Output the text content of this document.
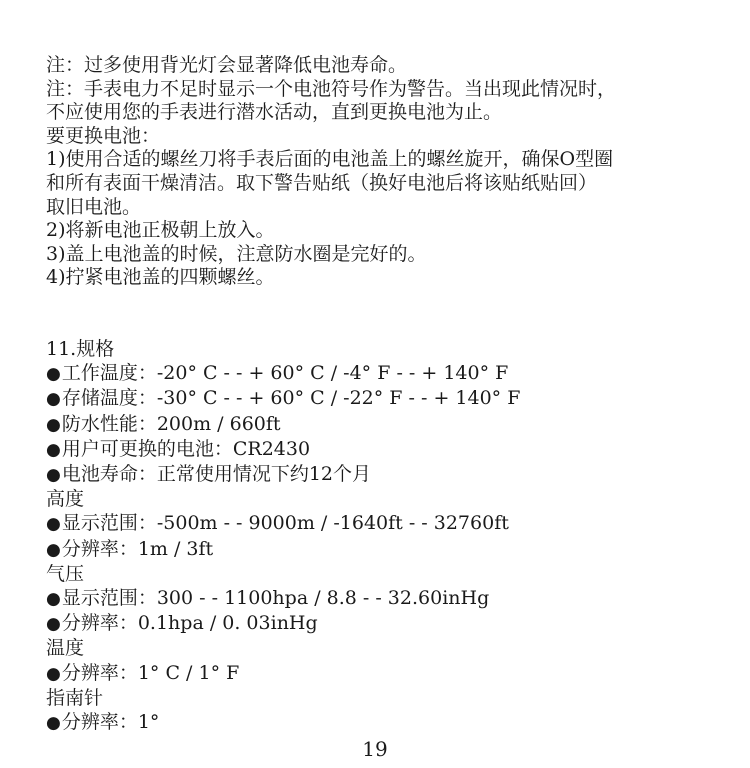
注：过多使用背光灯会显著降低电池寿命。
注：手表电力不足时显示一个电池符号作为警告。当出现此情况时，
不应使用您的手表进行潜水活动，直到更换电池为止。
要更换电池：
1)使用合适的螺丝刀将手表后面的电池盖上的螺丝旋开，确保O型圈
和所有表面干燥清洁。取下警告贴纸（换好电池后将该贴纸贴回）
取旧电池。
2)将新电池正极朝上放入。
3)盖上电池盖的时候，注意防水圈是完好的。
4)拧紧电池盖的四颗螺丝。
11.规格
●工作温度：-20° C - - + 60° C / -4° F - - + 140° F
●存储温度：-30° C - - + 60° C / -22° F - - + 140° F
●防水性能：200m / 660ft
●用户可更换的电池：CR2430
●电池寿命：正常使用情况下约12个月
高度
●显示范围：-500m - - 9000m / -1640ft - - 32760ft
●分辨率：1m / 3ft
气压
●显示范围：300 - - 1100hpa / 8.8 - - 32.60inHg
●分辨率：0.1hpa / 0. 03inHg
温度
●分辨率：1° C / 1° F
指南针
●分辨率：1°
19
